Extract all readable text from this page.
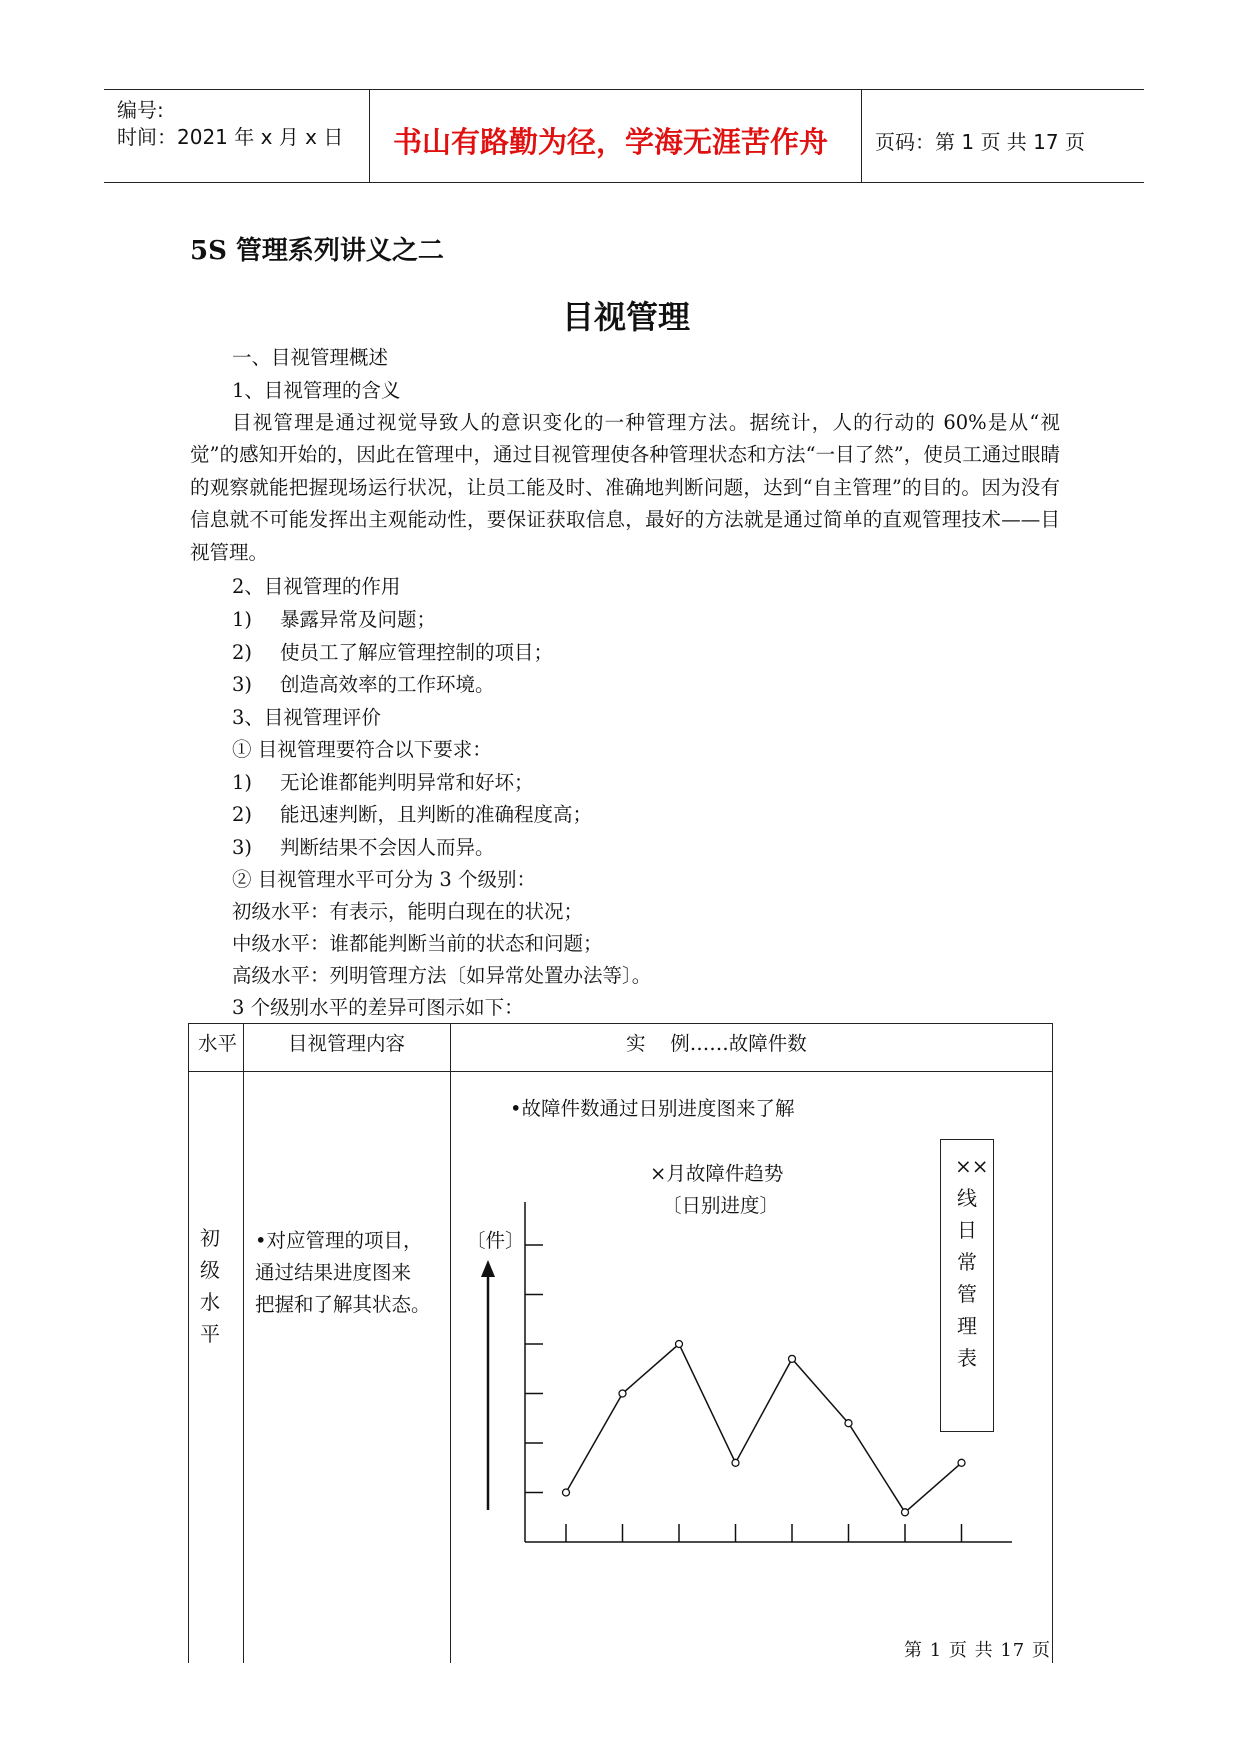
编号:
时间：2021 年 x 月 x 日 书山有路勤为径，学海无涯苦作舟 页码：第 1 页 共 17 页
5S 管理系列讲义之二
目视管理
一、目视管理概述
1、目视管理的含义
目视管理是通过视觉导致人的意识变化的一种管理方法。据统计，人的行动的 60%是从“视觉”的感知开始的，因此在管理中，通过目视管理使各种管理状态和方法“一目了然”，使员工通过眼睛的观察就能把握现场运行状况，让员工能及时、准确地判断问题，达到“自主管理”的目的。因为没有信息就不可能发挥出主观能动性，要保证获取信息，最好的方法就是通过简单的直观管理技术——目视管理。
2、目视管理的作用
1) 暴露异常及问题；
2) 使员工了解应管理控制的项目；
3) 创造高效率的工作环境。
3、目视管理评价
① 目视管理要符合以下要求：
1) 无论谁都能判明异常和好坏；
2) 能迅速判断，且判断的准确程度高；
3) 判断结果不会因人而异。
② 目视管理水平可分为 3 个级别：
初级水平：有表示，能明白现在的状况；
中级水平：谁都能判断当前的状态和问题；
高级水平：列明管理方法〔如异常处置办法等〕。
3 个级别水平的差异可图示如下：
水平	目视管理内容	实    例……故障件数
初级水平
•对应管理的项目，
通过结果进度图来
把握和了解其状态。
•故障件数通过日别进度图来了解
××线日常管理表
×月故障件趋势
〔日别进度〕
〔件〕
第 1 页 共 17 页
